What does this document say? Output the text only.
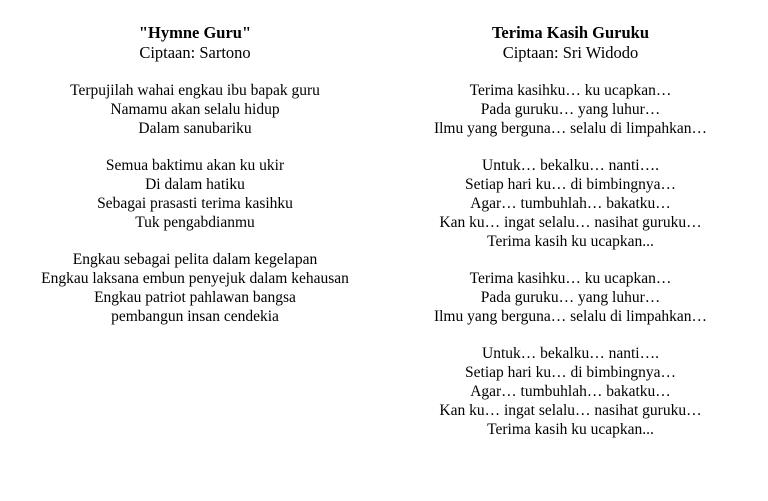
"Hymne Guru"
Ciptaan: Sartono
Terpujilah wahai engkau ibu bapak guru
Namamu akan selalu hidup
Dalam sanubariku
Semua baktimu akan ku ukir
Di dalam hatiku
Sebagai prasasti terima kasihku
Tuk pengabdianmu
Engkau sebagai pelita dalam kegelapan
Engkau laksana embun penyejuk dalam kehausan
Engkau patriot pahlawan bangsa
pembangun insan cendekia
Terima Kasih Guruku
Ciptaan: Sri Widodo
Terima kasihku… ku ucapkan…
Pada guruku… yang luhur…
Ilmu yang berguna… selalu di limpahkan…
Untuk… bekalku… nanti….
Setiap hari ku… di bimbingnya…
Agar… tumbuhlah… bakatku…
Kan ku… ingat selalu… nasihat guruku…
Terima kasih ku ucapkan...
Terima kasihku… ku ucapkan…
Pada guruku… yang luhur…
Ilmu yang berguna… selalu di limpahkan…
Untuk… bekalku… nanti….
Setiap hari ku… di bimbingnya…
Agar… tumbuhlah… bakatku…
Kan ku… ingat selalu… nasihat guruku…
Terima kasih ku ucapkan...
